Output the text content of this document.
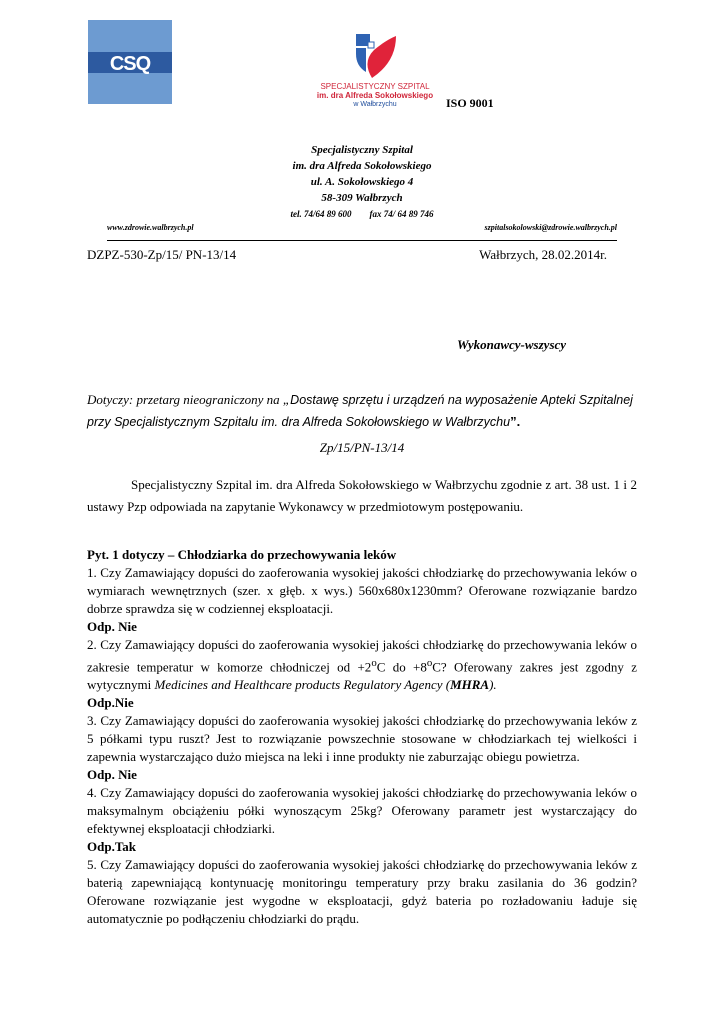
CSQ
SPECJALISTYCZNY SZPITAL
im. dra Alfreda Sokołowskiego
w Wałbrzychu	ISO 9001
Specjalistyczny Szpital
im. dra Alfreda Sokołowskiego
ul. A. Sokołowskiego 4
58-309 Wałbrzych
tel. 74/64 89 600        fax 74/ 64 89 746
www.zdrowie.walbrzych.pl	szpitalsokolowski@zdrowie.walbrzych.pl
DZPZ-530-Zp/15/ PN-13/14	Wałbrzych, 28.02.2014r.
Wykonawcy-wszyscy
Dotyczy: przetarg nieograniczony na „Dostawę sprzętu i urządzeń na wyposażenie Apteki Szpitalnej przy Specjalistycznym Szpitalu im. dra Alfreda Sokołowskiego w Wałbrzychu”.
Zp/15/PN-13/14
Specjalistyczny Szpital im. dra Alfreda Sokołowskiego w Wałbrzychu zgodnie z art. 38 ust. 1 i 2 ustawy Pzp odpowiada na zapytanie Wykonawcy w przedmiotowym postępowaniu.

Pyt. 1 dotyczy – Chłodziarka do przechowywania leków

1. Czy Zamawiający dopuści do zaoferowania wysokiej jakości chłodziarkę do przechowywania leków o wymiarach wewnętrznych (szer. x głęb. x wys.) 560x680x1230mm? Oferowane rozwiązanie bardzo dobrze sprawdza się w codziennej eksploatacji.

Odp. Nie

2. Czy Zamawiający dopuści do zaoferowania wysokiej jakości chłodziarkę do przechowywania leków o zakresie temperatur w komorze chłodniczej od $+2^oC$ do $+8^oC$? Oferowany zakres jest zgodny z wytycznymi Medicines and Healthcare products Regulatory Agency (MHRA).

Odp.Nie

3. Czy Zamawiający dopuści do zaoferowania wysokiej jakości chłodziarkę do przechowywania leków z 5 półkami typu ruszt? Jest to rozwiązanie powszechnie stosowane w chłodziarkach tej wielkości i zapewnia wystarczająco dużo miejsca na leki i inne produkty nie zaburzając obiegu powietrza.

Odp. Nie

4. Czy Zamawiający dopuści do zaoferowania wysokiej jakości chłodziarkę do przechowywania leków o maksymalnym obciążeniu półki wynoszącym 25kg? Oferowany parametr jest wystarczający do efektywnej eksploatacji chłodziarki.

Odp.Tak

5. Czy Zamawiający dopuści do zaoferowania wysokiej jakości chłodziarkę do przechowywania leków z baterią zapewniającą kontynuację monitoringu temperatury przy braku zasilania do 36 godzin? Oferowane rozwiązanie jest wygodne w eksploatacji, gdyż bateria po rozładowaniu ładuje się automatycznie po podłączeniu chłodziarki do prądu.
